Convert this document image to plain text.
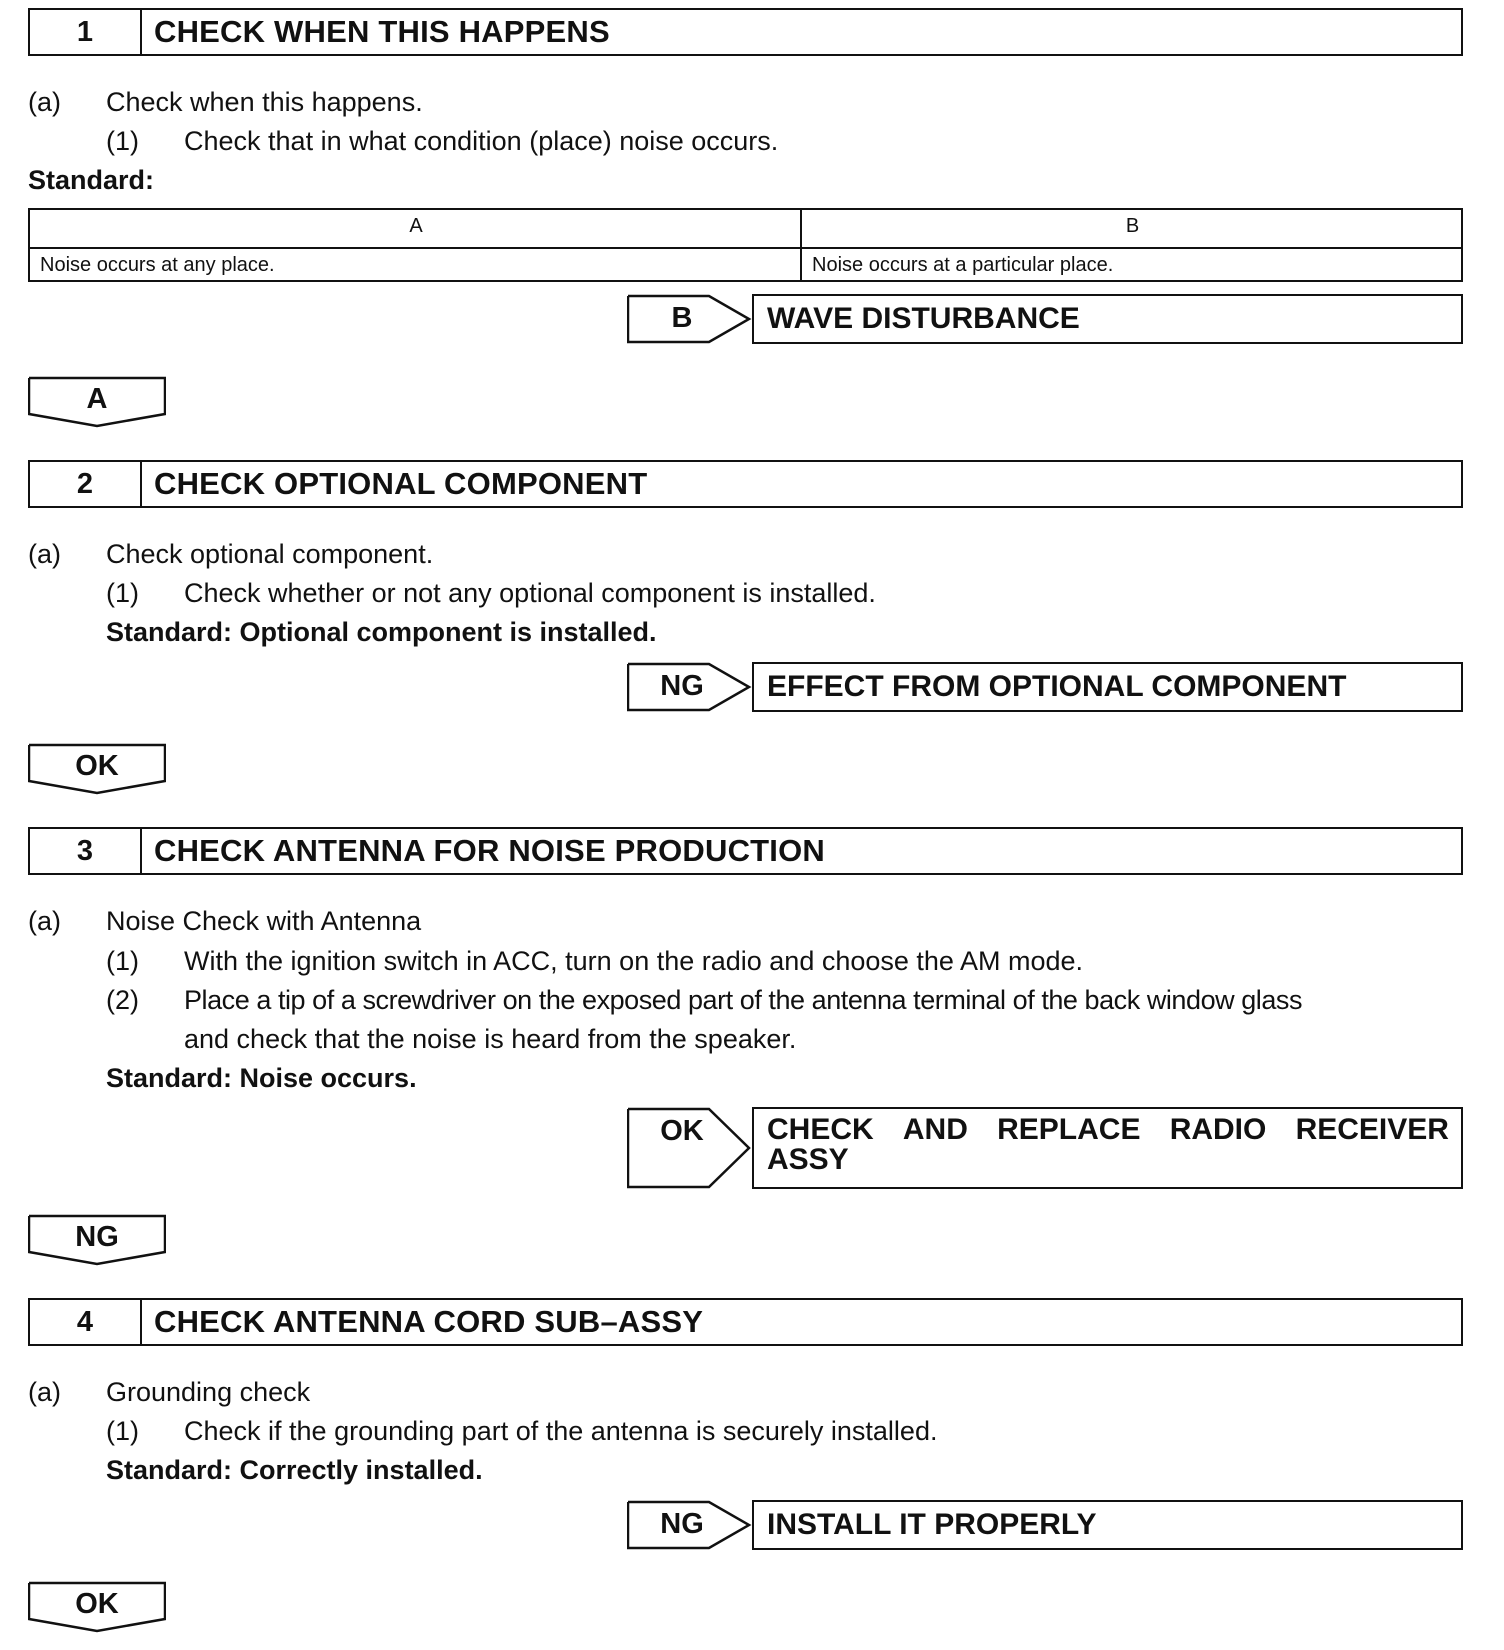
1	CHECK WHEN THIS HAPPENS
(a) Check when this happens.
(1) Check that in what condition (place) noise occurs.
Standard:
A	B
Noise occurs at any place.	Noise occurs at a particular place.
B	WAVE DISTURBANCE
A
2	CHECK OPTIONAL COMPONENT
(a) Check optional component.
(1) Check whether or not any optional component is installed.
Standard: Optional component is installed.
NG	EFFECT FROM OPTIONAL COMPONENT
OK
3	CHECK ANTENNA FOR NOISE PRODUCTION
(a) Noise Check with Antenna
(1) With the ignition switch in ACC, turn on the radio and choose the AM mode.
(2) Place a tip of a screwdriver on the exposed part of the antenna terminal of the back window glass
and check that the noise is heard from the speaker.
Standard: Noise occurs.
OK	CHECK AND REPLACE RADIO RECEIVER
ASSY
NG
4	CHECK ANTENNA CORD SUB–ASSY
(a) Grounding check
(1) Check if the grounding part of the antenna is securely installed.
Standard: Correctly installed.
NG	INSTALL IT PROPERLY
OK
